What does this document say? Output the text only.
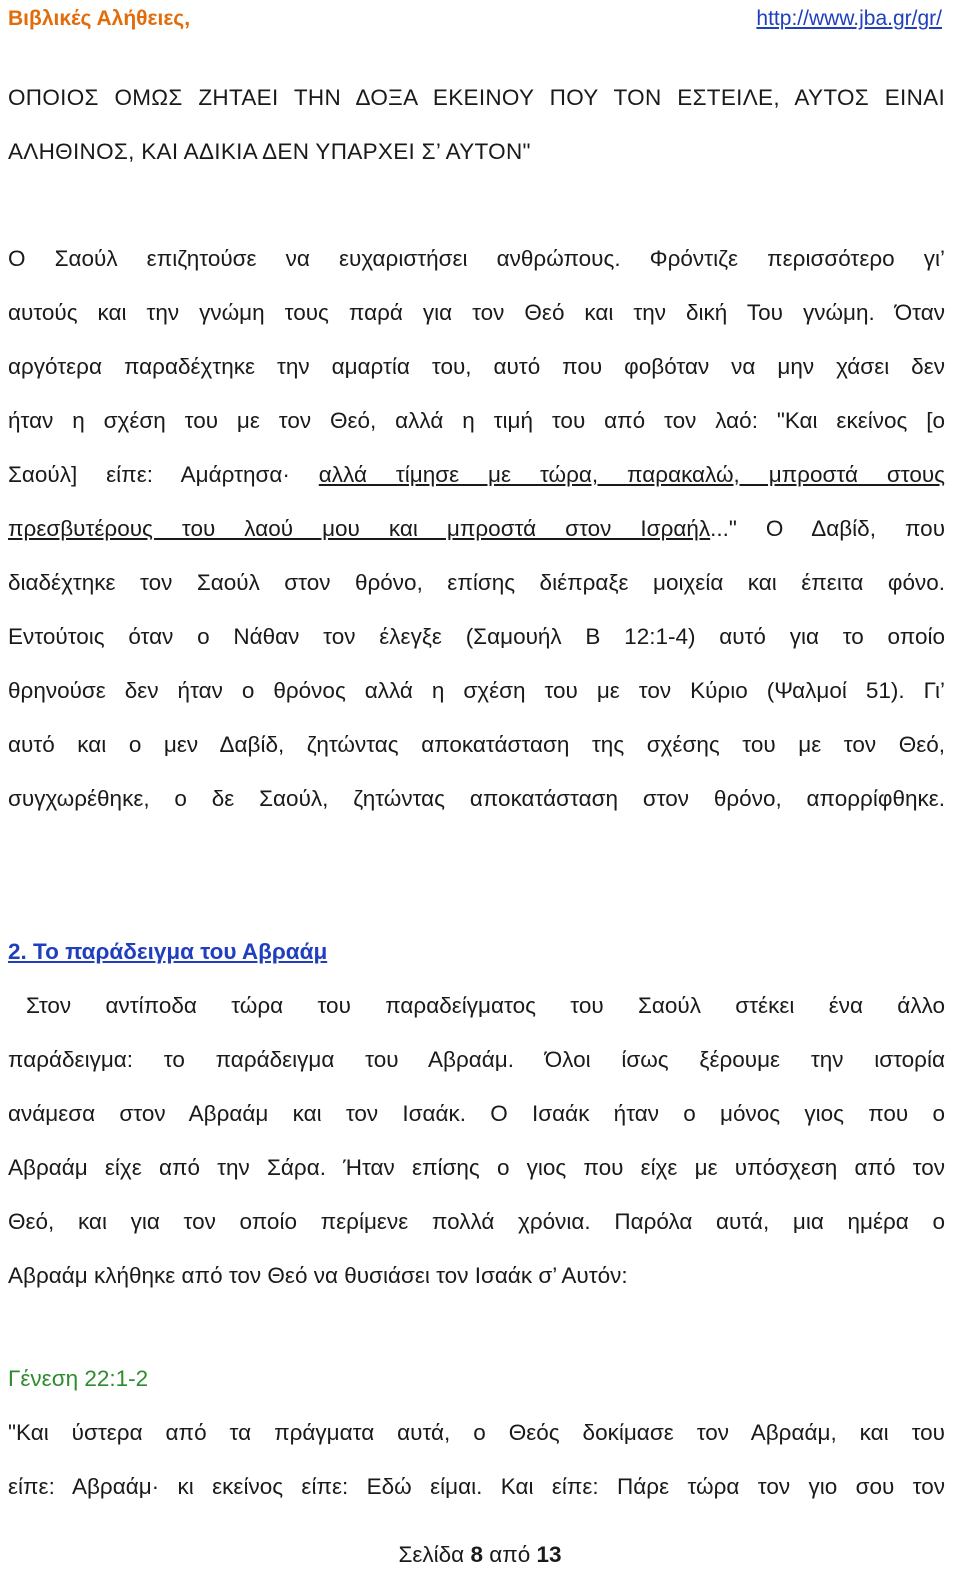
Βιβλικές Αλήθειες,	http://www.jba.gr/gr/
ΟΠΟΙΟΣ ΟΜΩΣ ΖΗΤΑΕΙ ΤΗΝ ΔΟΞΑ ΕΚΕΙΝΟΥ ΠΟΥ ΤΟΝ ΕΣΤΕΙΛΕ, ΑΥΤΟΣ ΕΙΝΑΙ
ΑΛΗΘΙΝΟΣ, ΚΑΙ ΑΔΙΚΙΑ ΔΕΝ ΥΠΑΡΧΕΙ Σ’ ΑΥΤΟΝ"
Ο Σαούλ επιζητούσε να ευχαριστήσει ανθρώπους. Φρόντιζε περισσότερο γι’
αυτούς και την γνώμη τους παρά για τον Θεό και την δική Του γνώμη. Όταν
αργότερα παραδέχτηκε την αμαρτία του, αυτό που φοβόταν να μην χάσει δεν
ήταν η σχέση του με τον Θεό, αλλά η τιμή του από τον λαό: "Και εκείνος [ο
Σαούλ] είπε: Αμάρτησα· αλλά τίμησε με τώρα, παρακαλώ, μπροστά στους
πρεσβυτέρους του λαού μου και μπροστά στον Ισραήλ..." Ο Δαβίδ, που
διαδέχτηκε τον Σαούλ στον θρόνο, επίσης διέπραξε μοιχεία και έπειτα φόνο.
Εντούτοις όταν ο Νάθαν τον έλεγξε (Σαμουήλ Β 12:1-4) αυτό για το οποίο
θρηνούσε δεν ήταν ο θρόνος αλλά η σχέση του με τον Κύριο (Ψαλμοί 51). Γι’
αυτό και ο μεν Δαβίδ, ζητώντας αποκατάσταση της σχέσης του με τον Θεό,
συγχωρέθηκε, ο δε Σαούλ, ζητώντας αποκατάσταση στον θρόνο, απορρίφθηκε.
2. Το παράδειγμα του Αβραάμ
Στον αντίποδα τώρα του παραδείγματος του Σαούλ στέκει ένα άλλο
παράδειγμα: το παράδειγμα του Αβραάμ. Όλοι ίσως ξέρουμε την ιστορία
ανάμεσα στον Αβραάμ και τον Ισαάκ. Ο Ισαάκ ήταν ο μόνος γιος που ο
Αβραάμ είχε από την Σάρα. Ήταν επίσης ο γιος που είχε με υπόσχεση από τον
Θεό, και για τον οποίο περίμενε πολλά χρόνια. Παρόλα αυτά, μια ημέρα ο
Αβραάμ κλήθηκε από τον Θεό να θυσιάσει τον Ισαάκ σ’ Αυτόν:
Γένεση 22:1-2
"Και ύστερα από τα πράγματα αυτά, ο Θεός δοκίμασε τον Αβραάμ, και του
είπε: Αβραάμ· κι εκείνος είπε: Εδώ είμαι. Και είπε: Πάρε τώρα τον γιο σου τον
Σελίδα 8 από 13
